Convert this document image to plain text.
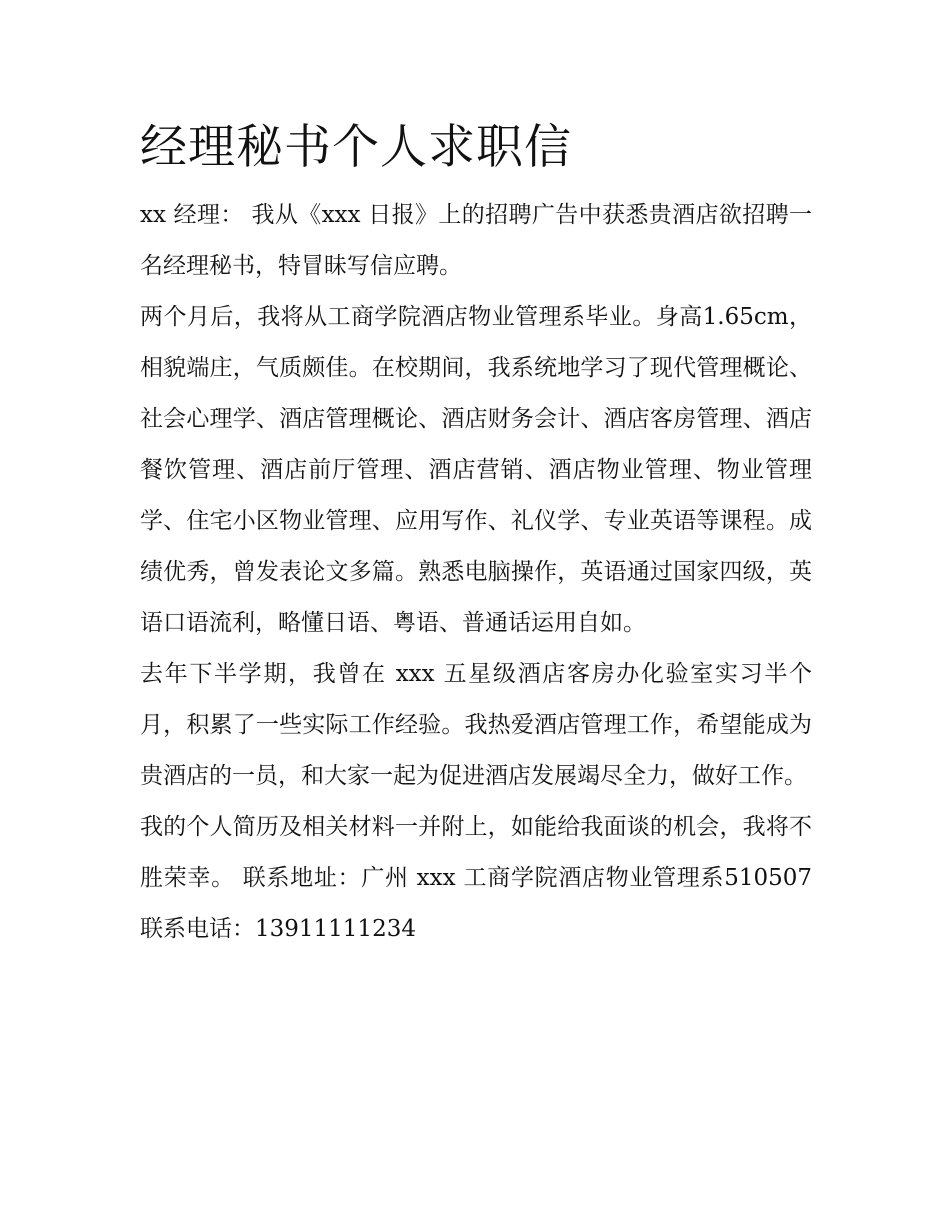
经理秘书个人求职信

xx 经理： 我从《xxx 日报》上的招聘广告中获悉贵酒店欲招聘一名经理秘书，特冒昧写信应聘。

两个月后，我将从工商学院酒店物业管理系毕业。身高1.65cm，相貌端庄，气质颇佳。在校期间，我系统地学习了现代管理概论、社会心理学、酒店管理概论、酒店财务会计、酒店客房管理、酒店餐饮管理、酒店前厅管理、酒店营销、酒店物业管理、物业管理学、住宅小区物业管理、应用写作、礼仪学、专业英语等课程。成绩优秀，曾发表论文多篇。熟悉电脑操作，英语通过国家四级，英语口语流利，略懂日语、粤语、普通话运用自如。

去年下半学期，我曾在 xxx 五星级酒店客房办化验室实习半个月，积累了一些实际工作经验。我热爱酒店管理工作，希望能成为贵酒店的一员，和大家一起为促进酒店发展竭尽全力，做好工作。

我的个人简历及相关材料一并附上，如能给我面谈的机会，我将不胜荣幸。 联系地址：广州 xxx 工商学院酒店物业管理系510507 联系电话：13911111234
